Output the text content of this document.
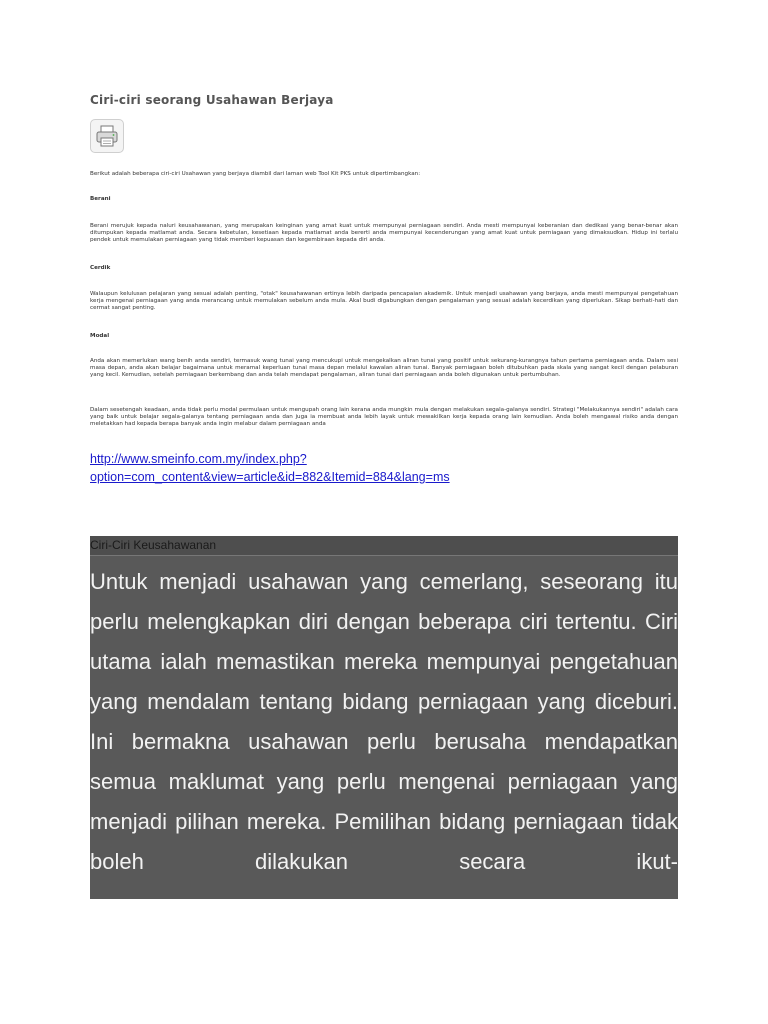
Ciri-ciri seorang Usahawan Berjaya
Berikut adalah beberapa ciri-ciri Usahawan yang berjaya diambil dari laman web Tool Kit PKS untuk dipertimbangkan:
Berani
Berani merujuk kepada naluri keusahawanan, yang merupakan keinginan yang amat kuat untuk mempunyai perniagaan sendiri. Anda mesti mempunyai keberanian dan dedikasi yang benar-benar akan ditumpukan kepada matlamat anda. Secara kebetulan, kesetiaan kepada matlamat anda bererti anda mempunyai kecenderungan yang amat kuat untuk perniagaan yang dimaksudkan. Hidup ini terlalu pendek untuk memulakan perniagaan yang tidak memberi kepuasan dan kegembiraan kepada diri anda.
Cerdik
Walaupun kelulusan pelajaran yang sesuai adalah penting, "otak" keusahawanan ertinya lebih daripada pencapaian akademik. Untuk menjadi usahawan yang berjaya, anda mesti mempunyai pengetahuan kerja mengenai perniagaan yang anda merancang untuk memulakan sebelum anda mula. Akal budi digabungkan dengan pengalaman yang sesuai adalah kecerdikan yang diperlukan. Sikap berhati-hati dan cermat sangat penting.
Modal
Anda akan memerlukan wang benih anda sendiri, termasuk wang tunai yang mencukupi untuk mengekalkan aliran tunai yang positif untuk sekurang-kurangnya tahun pertama perniagaan anda. Dalam sesi masa depan, anda akan belajar bagaimana untuk meramal keperluan tunai masa depan melalui kawalan aliran tunai. Banyak perniagaan boleh ditubuhkan pada skala yang sangat kecil dengan pelaburan yang kecil. Kemudian, setelah perniagaan berkembang dan anda telah mendapat pengalaman, aliran tunai dari perniagaan anda boleh digunakan untuk pertumbuhan.
Dalam sesetengah keadaan, anda tidak perlu modal permulaan untuk mengupah orang lain kerana anda mungkin mula dengan melakukan segala-galanya sendiri. Strategi "Melakukannya sendiri" adalah cara yang baik untuk belajar segala-galanya tentang perniagaan anda dan juga ia membuat anda lebih layak untuk mewakilkan kerja kepada orang lain kemudian. Anda boleh mengawal risiko anda dengan meletakkan had kepada berapa banyak anda ingin melabur dalam perniagaan anda
http://www.smeinfo.com.my/index.php?
option=com_content&view=article&id=882&Itemid=884&lang=ms
Ciri-Ciri Keusahawanan
Untuk menjadi usahawan yang cemerlang, seseorang itu perlu melengkapkan diri dengan beberapa ciri tertentu. Ciri utama ialah memastikan mereka mempunyai pengetahuan yang mendalam tentang bidang perniagaan yang diceburi. Ini bermakna usahawan perlu berusaha mendapatkan semua maklumat yang perlu mengenai perniagaan yang menjadi pilihan mereka. Pemilihan bidang perniagaan tidak boleh dilakukan secara ikut-
